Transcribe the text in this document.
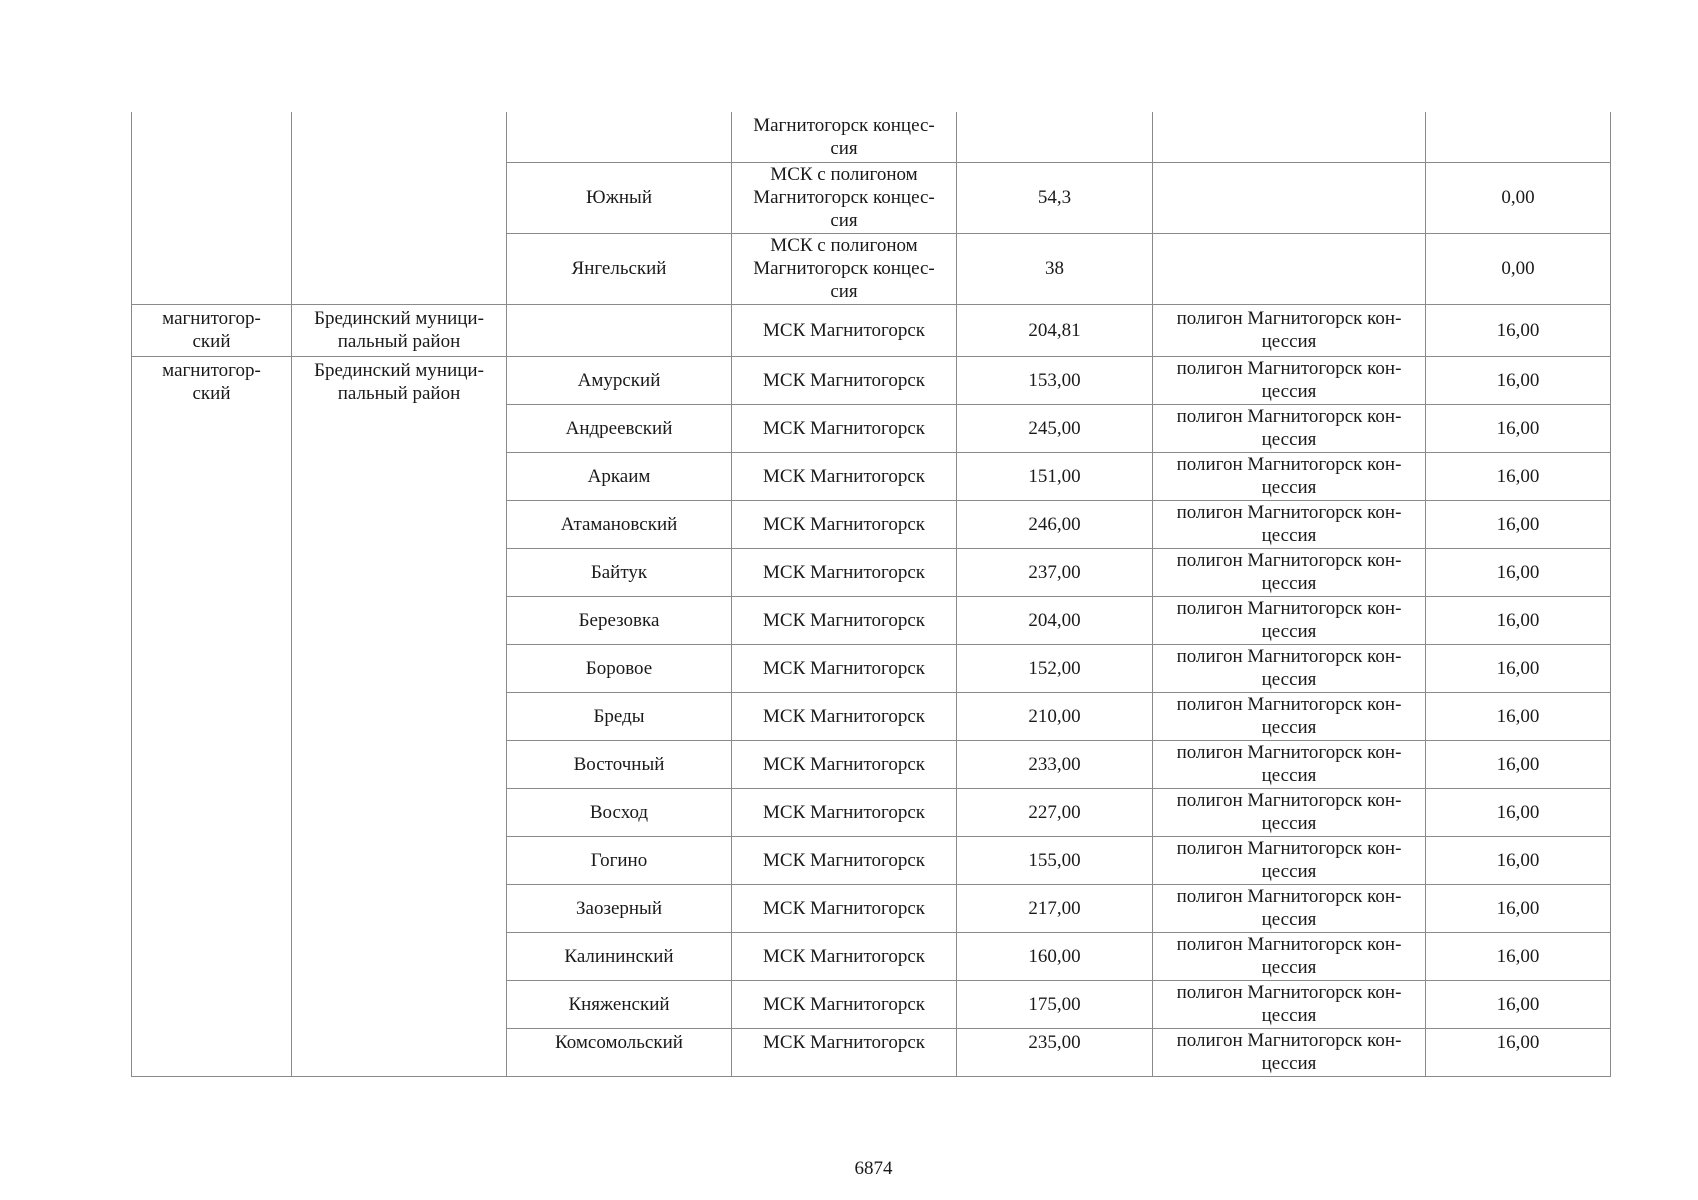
			Магнитогорск концес-
сия			
		Южный	МСК с полигоном
Магнитогорск концес-
сия	54,3		0,00
		Янгельский	МСК с полигоном
Магнитогорск концес-
сия	38		0,00
магнитогор-
ский	Брединский муници-
пальный район		МСК Магнитогорск	204,81	полигон Магнитогорск кон-
цессия	16,00
магнитогор-
ский	Брединский муници-
пальный район	Амурский	МСК Магнитогорск	153,00	полигон Магнитогорск кон-
цессия	16,00
		Андреевский	МСК Магнитогорск	245,00	полигон Магнитогорск кон-
цессия	16,00
		Аркаим	МСК Магнитогорск	151,00	полигон Магнитогорск кон-
цессия	16,00
		Атамановский	МСК Магнитогорск	246,00	полигон Магнитогорск кон-
цессия	16,00
		Байтук	МСК Магнитогорск	237,00	полигон Магнитогорск кон-
цессия	16,00
		Березовка	МСК Магнитогорск	204,00	полигон Магнитогорск кон-
цессия	16,00
		Боровое	МСК Магнитогорск	152,00	полигон Магнитогорск кон-
цессия	16,00
		Бреды	МСК Магнитогорск	210,00	полигон Магнитогорск кон-
цессия	16,00
		Восточный	МСК Магнитогорск	233,00	полигон Магнитогорск кон-
цессия	16,00
		Восход	МСК Магнитогорск	227,00	полигон Магнитогорск кон-
цессия	16,00
		Гогино	МСК Магнитогорск	155,00	полигон Магнитогорск кон-
цессия	16,00
		Заозерный	МСК Магнитогорск	217,00	полигон Магнитогорск кон-
цессия	16,00
		Калининский	МСК Магнитогорск	160,00	полигон Магнитогорск кон-
цессия	16,00
		Княженский	МСК Магнитогорск	175,00	полигон Магнитогорск кон-
цессия	16,00
		Комсомольский	МСК Магнитогорск	235,00	полигон Магнитогорск кон-
цессия	16,00
6874
